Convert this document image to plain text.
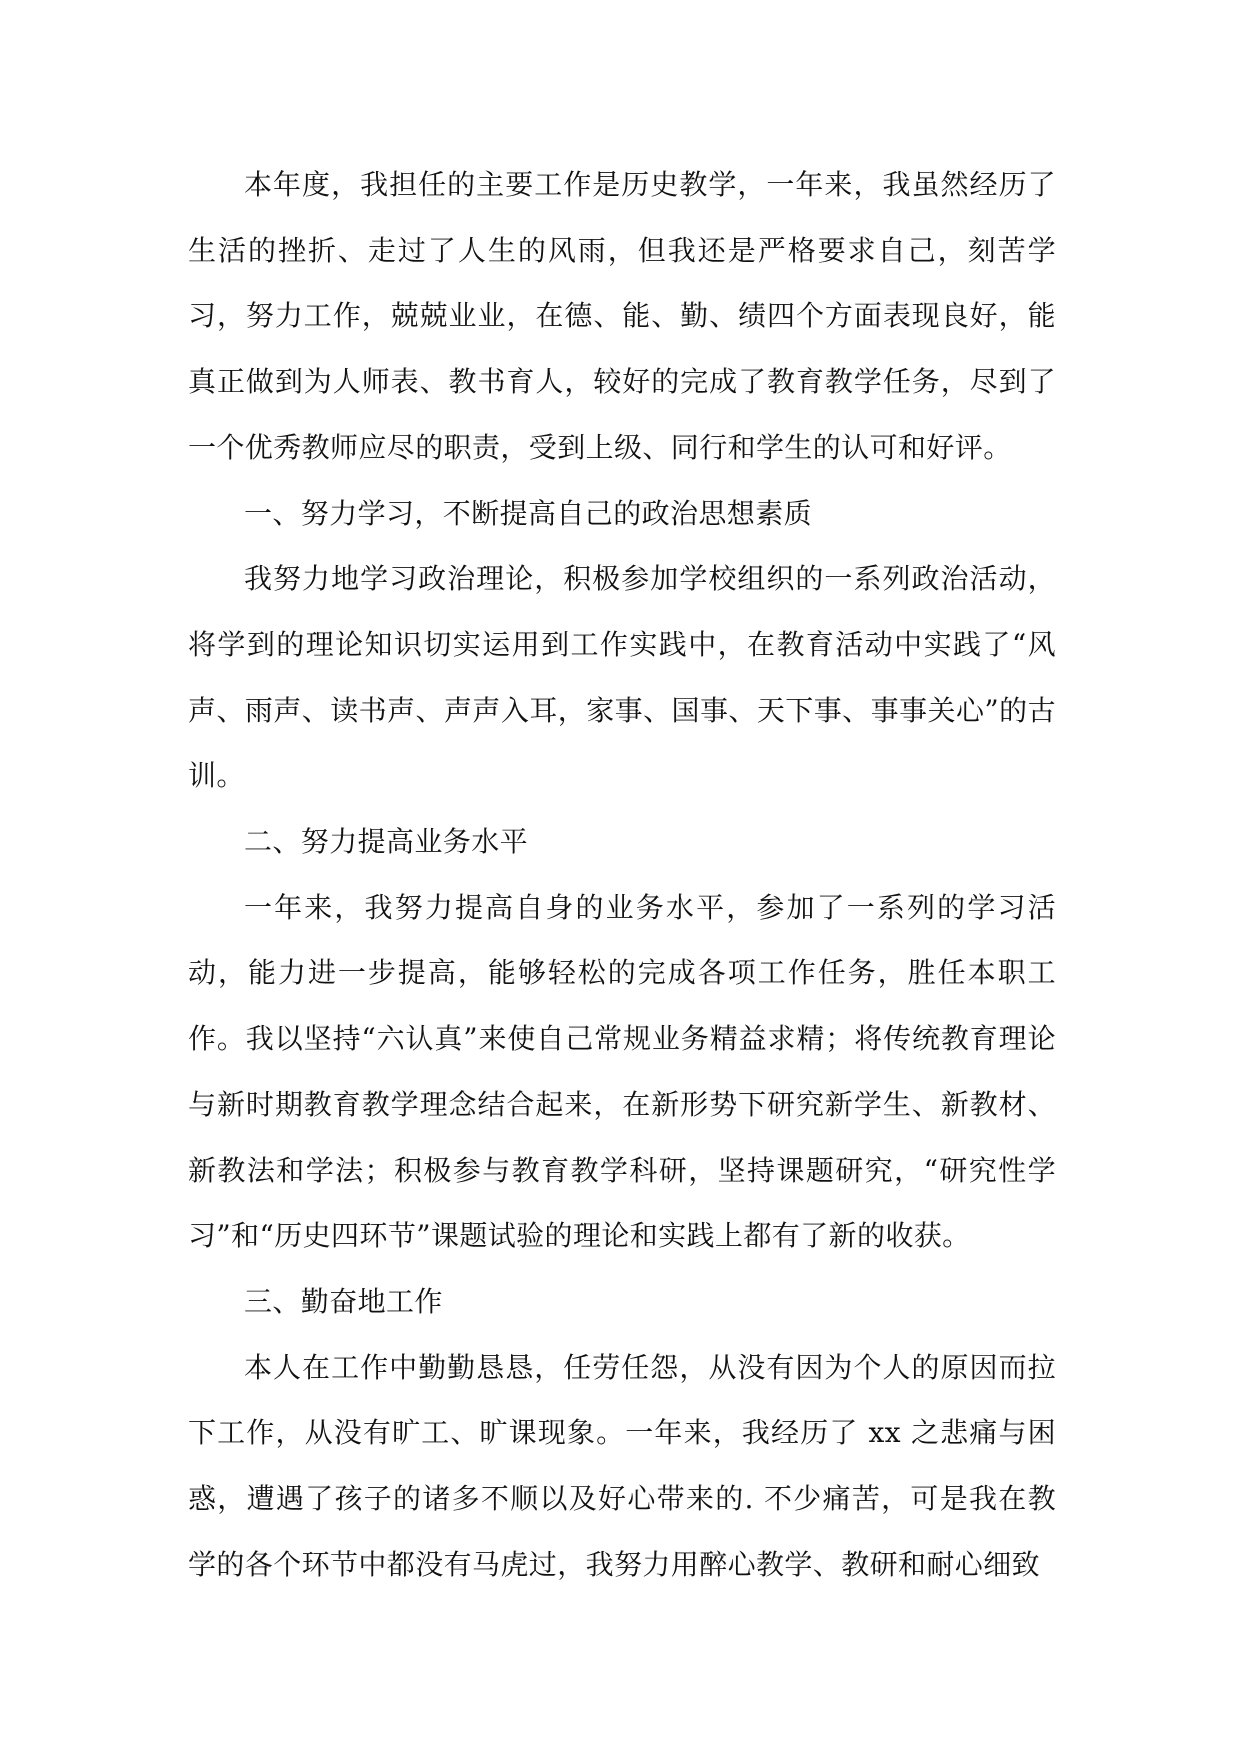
本年度，我担任的主要工作是历史教学，一年来，我虽然经历了生活的挫折、走过了人生的风雨，但我还是严格要求自己，刻苦学习，努力工作，兢兢业业，在德、能、勤、绩四个方面表现良好，能真正做到为人师表、教书育人，较好的完成了教育教学任务，尽到了一个优秀教师应尽的职责，受到上级、同行和学生的认可和好评。

一、努力学习，不断提高自己的政治思想素质

我努力地学习政治理论，积极参加学校组织的一系列政治活动，将学到的理论知识切实运用到工作实践中，在教育活动中实践了“风声、雨声、读书声、声声入耳，家事、国事、天下事、事事关心”的古训。

二、努力提高业务水平

一年来，我努力提高自身的业务水平，参加了一系列的学习活动，能力进一步提高，能够轻松的完成各项工作任务，胜任本职工作。我以坚持“六认真”来使自己常规业务精益求精；将传统教育理论与新时期教育教学理念结合起来，在新形势下研究新学生、新教材、新教法和学法；积极参与教育教学科研，坚持课题研究，“研究性学习”和“历史四环节”课题试验的理论和实践上都有了新的收获。

三、勤奋地工作

本人在工作中勤勤恳恳，任劳任怨，从没有因为个人的原因而拉下工作，从没有旷工、旷课现象。一年来，我经历了 xx 之悲痛与困惑，遭遇了孩子的诸多不顺以及好心带来的. 不少痛苦，可是我在教学的各个环节中都没有马虎过，我努力用醉心教学、教研和耐心细致
